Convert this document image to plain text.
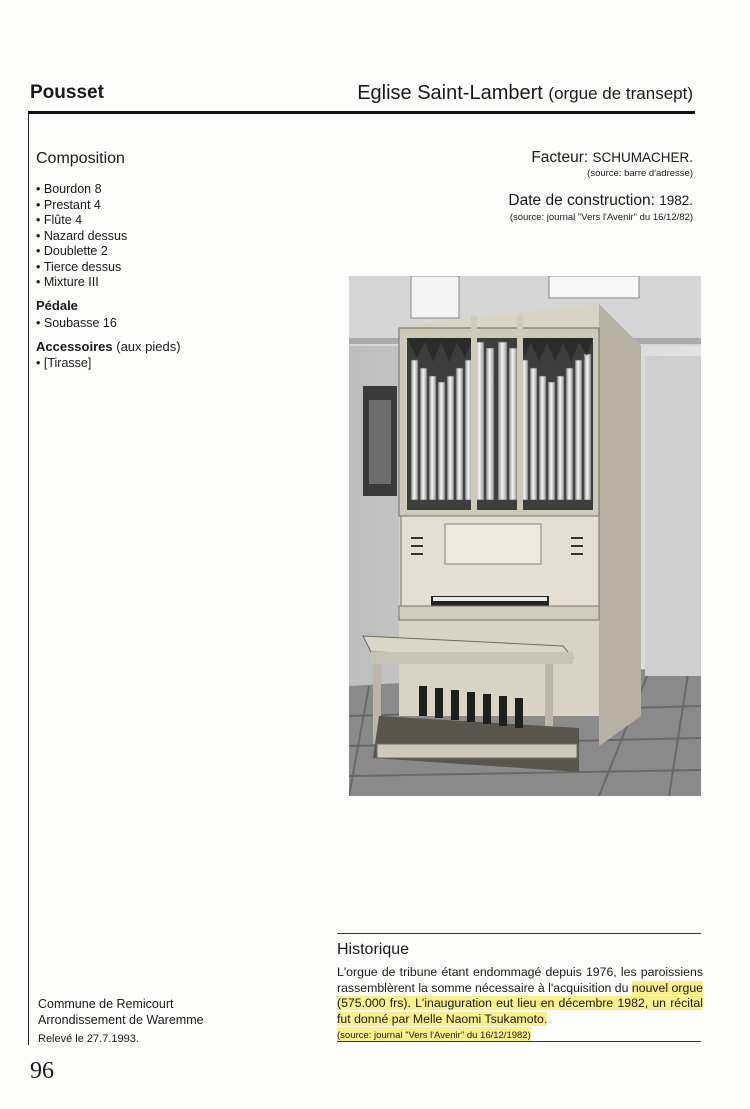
Pousset	Eglise Saint-Lambert (orgue de transept)
Composition
• Bourdon 8
• Prestant 4
• Flûte 4
• Nazard dessus
• Doublette 2
• Tierce dessus
• Mixture III
Pédale
• Soubasse 16
Accessoires (aux pieds)
• [Tirasse]
Facteur: SCHUMACHER.
(source: barre d'adresse)
Date de construction: 1982.
(source: journal "Vers l'Avenir" du 16/12/82)
Historique
L'orgue de tribune étant endommagé depuis 1976, les paroissiens rassemblèrent la somme nécessaire à l'acquisition du nouvel orgue (575.000 frs). L'inauguration eut lieu en décembre 1982, un récital fut donné par Melle Naomi Tsukamoto.
(source: journal "Vers l'Avenir" du 16/12/1982)
Commune de Remicourt
Arrondissement de Waremme
Relevé le 27.7.1993.
96
